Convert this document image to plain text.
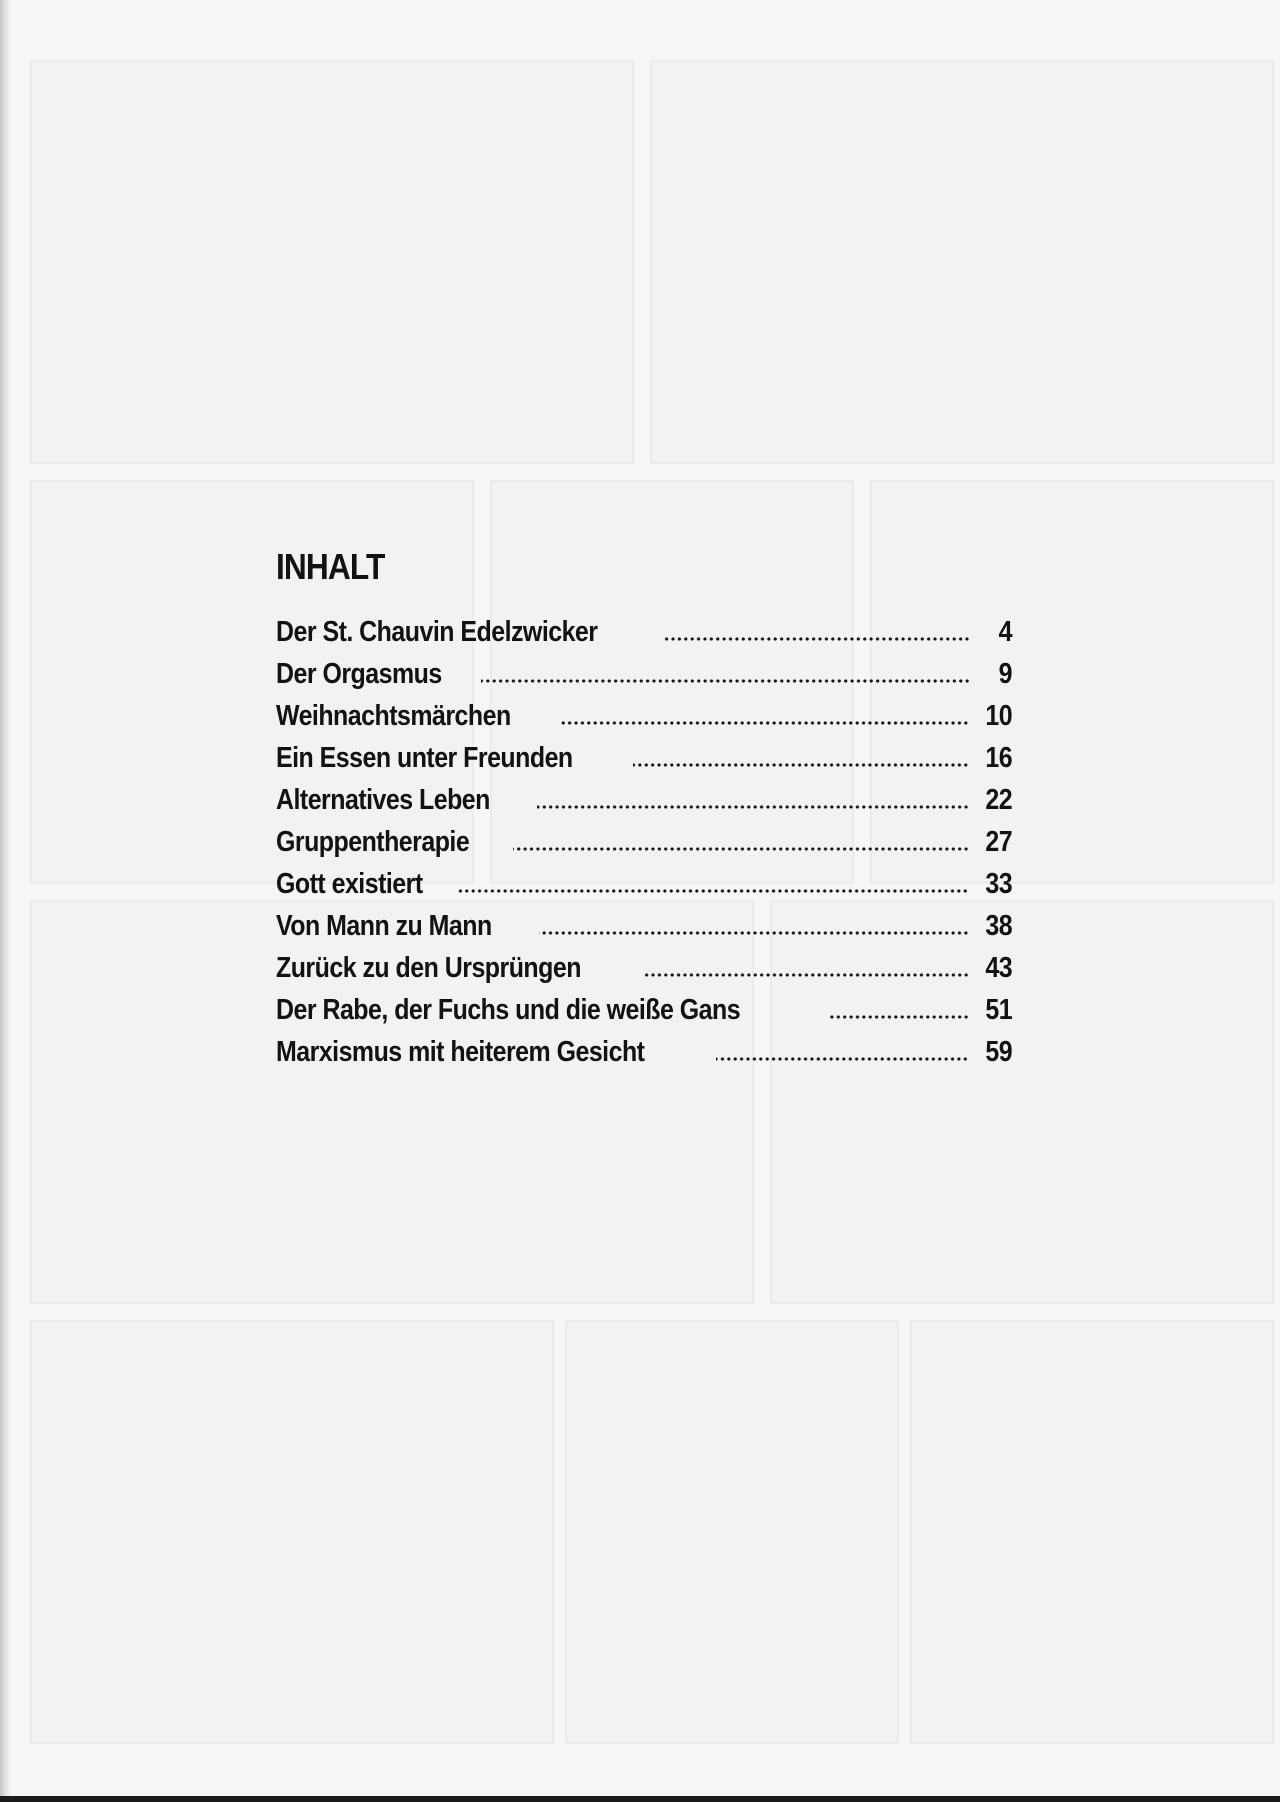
INHALT
Der St. Chauvin Edelzwicker	4
Der Orgasmus	9
Weihnachtsmärchen	10
Ein Essen unter Freunden	16
Alternatives Leben	22
Gruppentherapie	27
Gott existiert	33
Von Mann zu Mann	38
Zurück zu den Ursprüngen	43
Der Rabe, der Fuchs und die weiße Gans	51
Marxismus mit heiterem Gesicht	59
